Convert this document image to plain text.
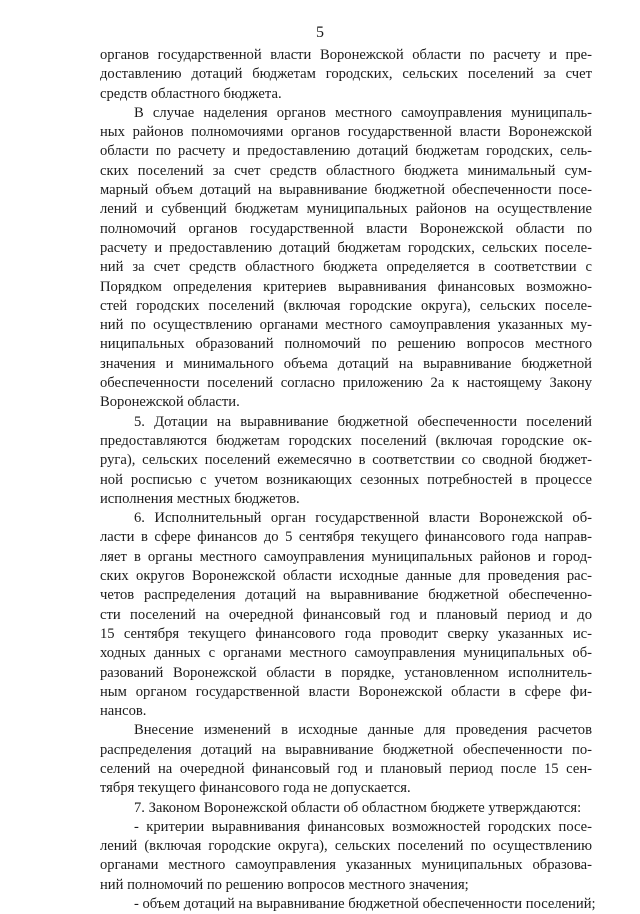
5
органов государственной власти Воронежской области по расчету и пре-
доставлению дотаций бюджетам городских, сельских поселений за счет
средств областного бюджета.
В случае наделения органов местного самоуправления муниципаль-
ных районов полномочиями органов государственной власти Воронежской
области по расчету и предоставлению дотаций бюджетам городских, сель-
ских поселений за счет средств областного бюджета минимальный сум-
марный объем дотаций на выравнивание бюджетной обеспеченности посе-
лений и субвенций бюджетам муниципальных районов на осуществление
полномочий органов государственной власти Воронежской области по
расчету и предоставлению дотаций бюджетам городских, сельских поселе-
ний за счет средств областного бюджета определяется в соответствии с
Порядком определения критериев выравнивания финансовых возможно-
стей городских поселений (включая городские округа), сельских поселе-
ний по осуществлению органами местного самоуправления указанных му-
ниципальных образований полномочий по решению вопросов местного
значения и минимального объема дотаций на выравнивание бюджетной
обеспеченности поселений согласно приложению 2а к настоящему Закону
Воронежской области.
5. Дотации на выравнивание бюджетной обеспеченности поселений
предоставляются бюджетам городских поселений (включая городские ок-
руга), сельских поселений ежемесячно в соответствии со сводной бюджет-
ной росписью с учетом возникающих сезонных потребностей в процессе
исполнения местных бюджетов.
6. Исполнительный орган государственной власти Воронежской об-
ласти в сфере финансов до 5 сентября текущего финансового года направ-
ляет в органы местного самоуправления муниципальных районов и город-
ских округов Воронежской области исходные данные для проведения рас-
четов распределения дотаций на выравнивание бюджетной обеспеченно-
сти поселений на очередной финансовый год и плановый период и до
15 сентября текущего финансового года проводит сверку указанных ис-
ходных данных с органами местного самоуправления муниципальных об-
разований Воронежской области в порядке, установленном исполнитель-
ным органом государственной власти Воронежской области в сфере фи-
нансов.
Внесение изменений в исходные данные для проведения расчетов
распределения дотаций на выравнивание бюджетной обеспеченности по-
селений на очередной финансовый год и плановый период после 15 сен-
тября текущего финансового года не допускается.
7. Законом Воронежской области об областном бюджете утверждаются:
- критерии выравнивания финансовых возможностей городских посе-
лений (включая городские округа), сельских поселений по осуществлению
органами местного самоуправления указанных муниципальных образова-
ний полномочий по решению вопросов местного значения;
- объем дотаций на выравнивание бюджетной обеспеченности поселений;
